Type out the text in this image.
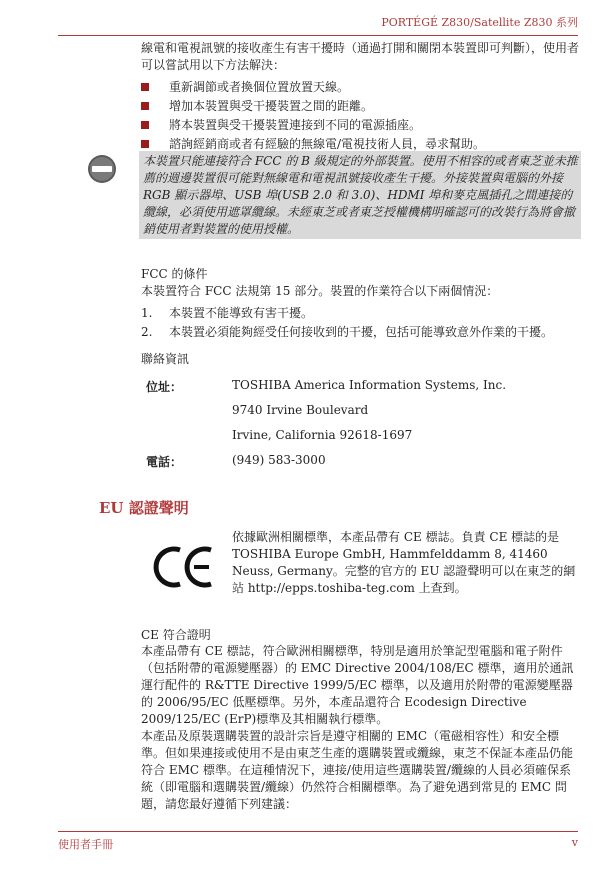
PORTÉGÉ Z830/Satellite Z830 系列
線電和電視訊號的接收產生有害干擾時（通過打開和關閉本裝置即可判斷），使用者可以嘗試用以下方法解決：
重新調節或者換個位置放置天線。
增加本裝置與受干擾裝置之間的距離。
將本裝置與受干擾裝置連接到不同的電源插座。
諮詢經銷商或者有經驗的無線電/電視技術人員，尋求幫助。
本裝置只能連接符合 FCC 的 B 級規定的外部裝置。使用不相容的或者東芝並未推薦的週邊裝置很可能對無線電和電視訊號接收產生干擾。外接裝置與電腦的外接 RGB 顯示器埠、USB 埠(USB 2.0 和 3.0)、HDMI 埠和麥克風插孔之間連接的纜線，必須使用遮罩纜線。未經東芝或者東芝授權機構明確認可的改裝行為將會撤銷使用者對裝置的使用授權。
FCC 的條件
本裝置符合 FCC 法規第 15 部分。裝置的作業符合以下兩個情況：
1. 本裝置不能導致有害干擾。
2. 本裝置必須能夠經受任何接收到的干擾，包括可能導致意外作業的干擾。
聯絡資訊
位址：	TOSHIBA America Information Systems, Inc.
9740 Irvine Boulevard
Irvine, California 92618-1697
電話：	(949) 583-3000
EU 認證聲明
依據歐洲相關標準，本產品帶有 CE 標誌。負責 CE 標誌的是 TOSHIBA Europe GmbH, Hammfelddamm 8, 41460 Neuss, Germany。完整的官方的 EU 認證聲明可以在東芝的網站 http://epps.toshiba-teg.com 上查到。
CE 符合證明
本產品帶有 CE 標誌，符合歐洲相關標準，特別是適用於筆記型電腦和電子附件（包括附帶的電源變壓器）的 EMC Directive 2004/108/EC 標準，適用於通訊運行配件的 R&TTE Directive 1999/5/EC 標準，以及適用於附帶的電源變壓器的 2006/95/EC 低壓標準。另外，本產品還符合 Ecodesign Directive 2009/125/EC (ErP)標準及其相關執行標準。
本產品及原裝選購裝置的設計宗旨是遵守相關的 EMC（電磁相容性）和安全標準。但如果連接或使用不是由東芝生產的選購裝置或纜線，東芝不保証本產品仍能符合 EMC 標準。在這種情況下，連接/使用這些選購裝置/纜線的人員必須確保系統（即電腦和選購裝置/纜線）仍然符合相關標準。為了避免遇到常見的 EMC 問題，請您最好遵循下列建議：
使用者手冊	v
